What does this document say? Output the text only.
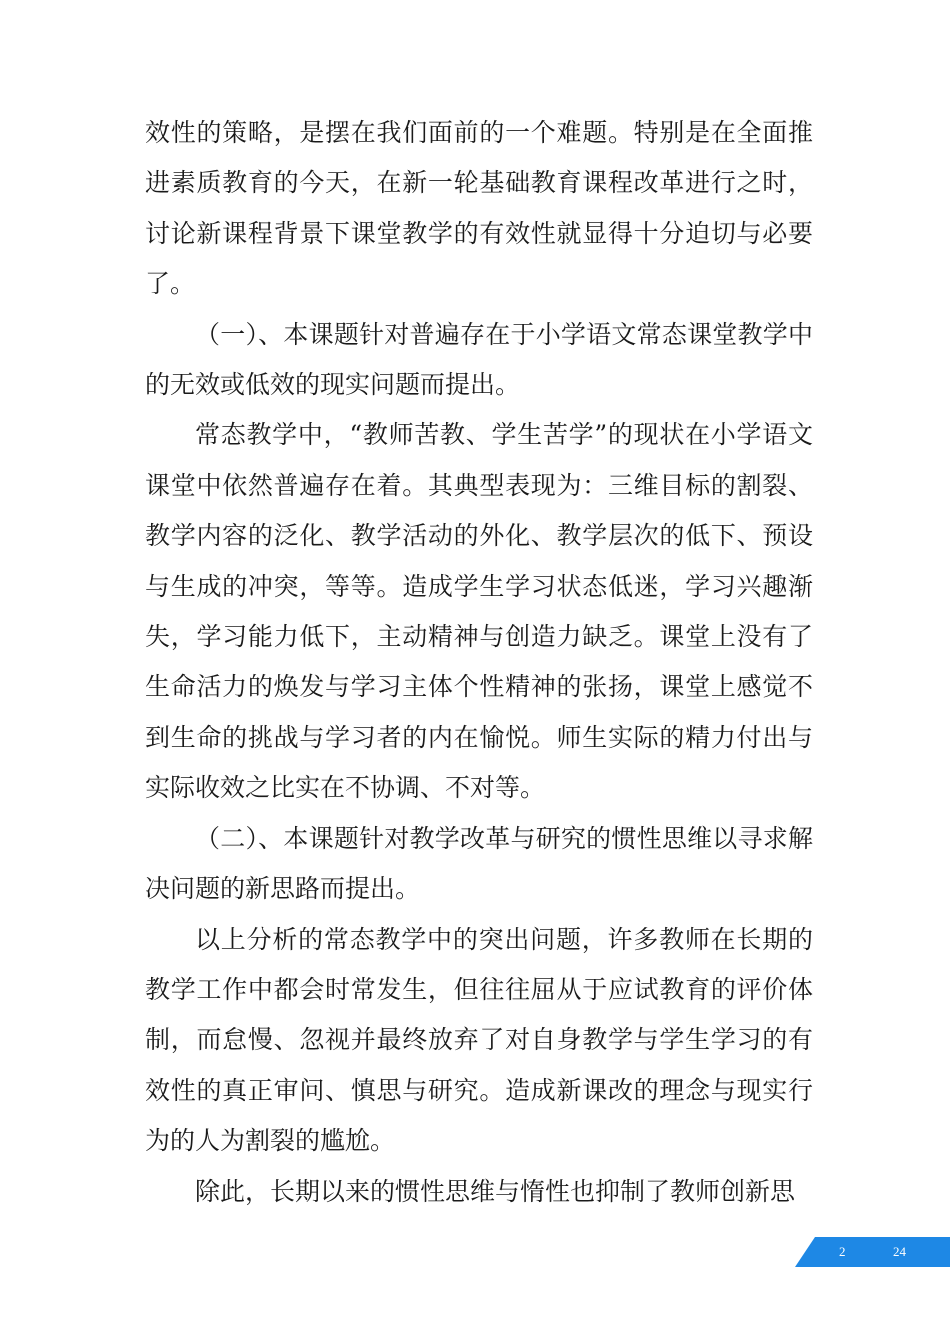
效性的策略，是摆在我们面前的一个难题。特别是在全面推进素质教育的今天，在新一轮基础教育课程改革进行之时，讨论新课程背景下课堂教学的有效性就显得十分迫切与必要了。

（一）、本课题针对普遍存在于小学语文常态课堂教学中的无效或低效的现实问题而提出。

常态教学中，“教师苦教、学生苦学”的现状在小学语文课堂中依然普遍存在着。其典型表现为：三维目标的割裂、教学内容的泛化、教学活动的外化、教学层次的低下、预设与生成的冲突，等等。造成学生学习状态低迷，学习兴趣渐失，学习能力低下，主动精神与创造力缺乏。课堂上没有了生命活力的焕发与学习主体个性精神的张扬，课堂上感觉不到生命的挑战与学习者的内在愉悦。师生实际的精力付出与实际收效之比实在不协调、不对等。

（二）、本课题针对教学改革与研究的惯性思维以寻求解决问题的新思路而提出。

以上分析的常态教学中的突出问题，许多教师在长期的教学工作中都会时常发生，但往往屈从于应试教育的评价体制，而怠慢、忽视并最终放弃了对自身教学与学生学习的有效性的真正审问、慎思与研究。造成新课改的理念与现实行为的人为割裂的尴尬。

除此，长期以来的惯性思维与惰性也抑制了教师创新思

2	24
